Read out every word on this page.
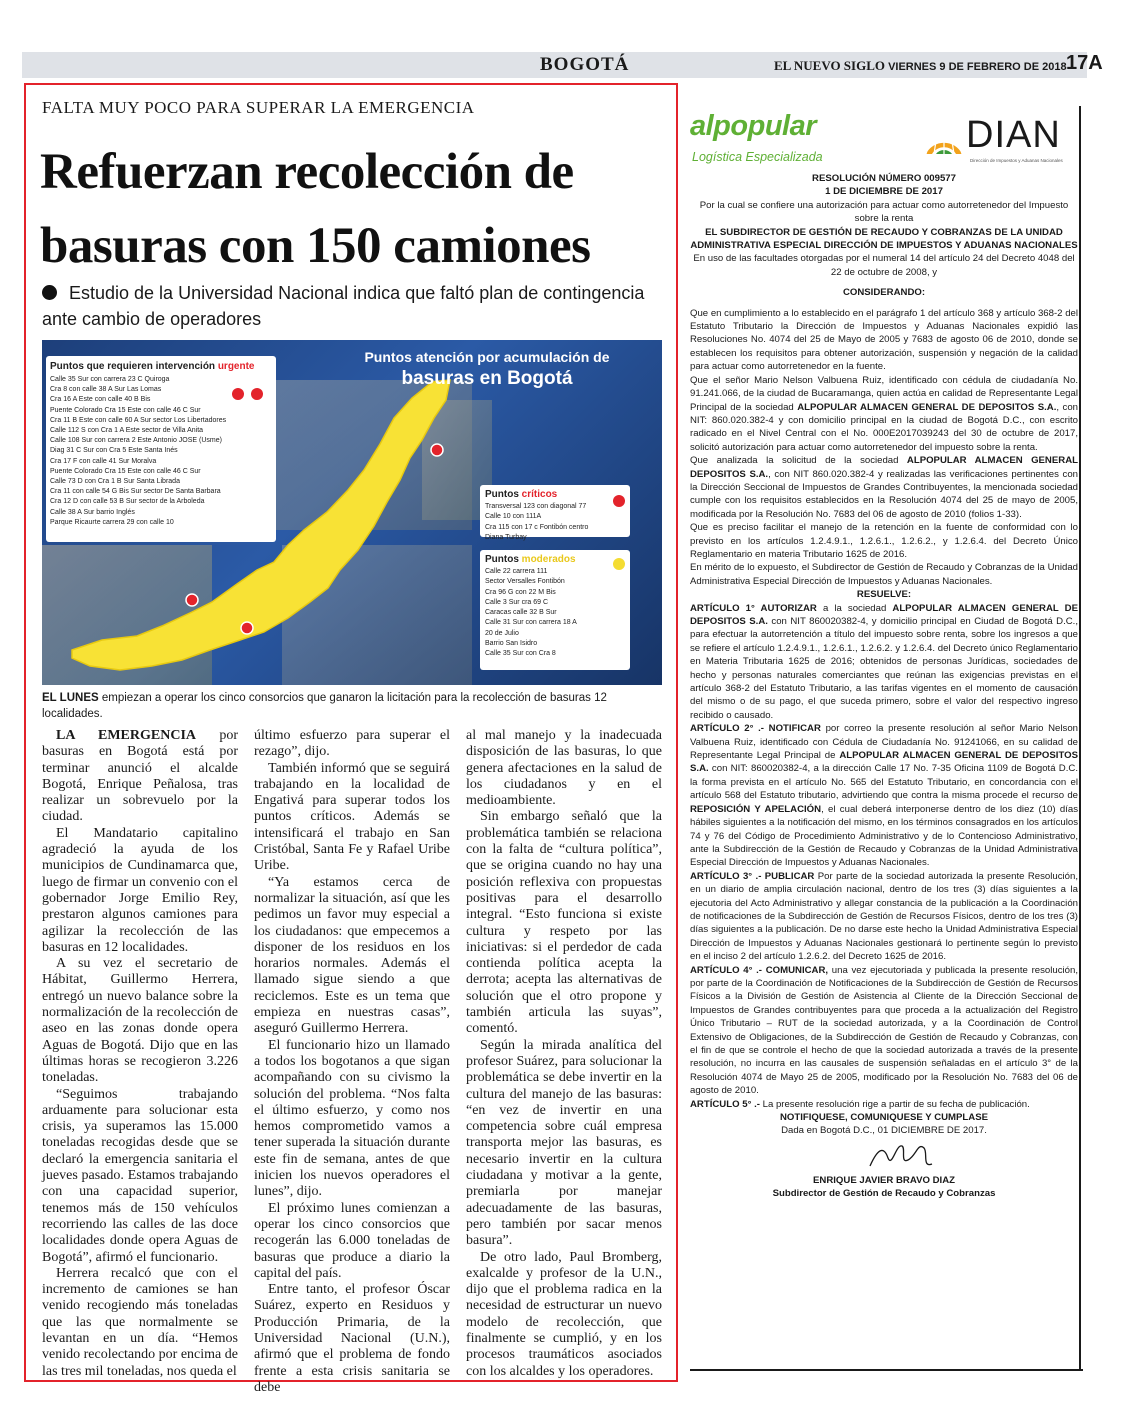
BOGOTÁ	EL NUEVO SIGLO VIERNES 9 DE FEBRERO DE 2018 17A
FALTA MUY POCO PARA SUPERAR LA EMERGENCIA
Refuerzan recolección de basuras con 150 camiones
Estudio de la Universidad Nacional indica que faltó plan de contingencia ante cambio de operadores
Puntos atención por acumulación de
basuras en Bogotá
Puntos que requieren intervención urgente
Calle 35 Sur con carrera 23 C Quiroga
Cra 8 con calle 38 A Sur Las Lomas
Cra 16 A Este con calle 40 B Bis
Puente Colorado Cra 15 Este con calle 46 C Sur
Cra 11 B Este con calle 60 A Sur sector Los Libertadores
Calle 112 S con Cra 1 A Este sector de Villa Anita
Calle 108 Sur con carrera 2 Este Antonio JOSE (Usme)
Diag 31 C Sur con Cra 5 Este Santa Inés
Cra 17 F con calle 41 Sur Moralva
Puente Colorado Cra 15 Este con calle 46 C Sur
Calle 73 D con Cra 1 B Sur Santa Librada
Cra 11 con calle 54 G Bis Sur sector De Santa Barbara
Cra 12 D con calle 53 B Sur sector de la Arboleda
Calle 38 A Sur barrio Inglés
Parque Ricaurte carrera 29 con calle 10
Puntos críticos
Transversal 123 con diagonal 77
Calle 10 con 111A
Cra 115 con 17 c Fontibón centro
Diana Turbay
Puntos moderados
Calle 22 carrera 111
Sector Versalles Fontibón
Cra 96 G con 22 M Bis
Calle 3 Sur cra 69 C
Caracas calle 32 B Sur
Calle 31 Sur con carrera 18 A
20 de Julio
Barrio San Isidro
Calle 35 Sur con Cra 8
EL LUNES empiezan a operar los cinco consorcios que ganaron la licitación para la recolección de basuras 12 localidades.

LA EMERGENCIA por basuras en Bogotá está por terminar anunció el alcalde Bogotá, Enrique Peñalosa, tras realizar un sobrevuelo por la ciudad.

El Mandatario capitalino agradeció la ayuda de los municipios de Cundinamarca que, luego de firmar un convenio con el gobernador Jorge Emilio Rey, prestaron algunos camiones para agilizar la recolección de las basuras en 12 localidades.

A su vez el secretario de Hábitat, Guillermo Herrera, entregó un nuevo balance sobre la normalización de la recolección de aseo en las zonas donde opera Aguas de Bogotá. Dijo que en las últimas horas se recogieron 3.226 toneladas.

“Seguimos trabajando arduamente para solucionar esta crisis, ya superamos las 15.000 toneladas recogidas desde que se declaró la emergencia sanitaria el jueves pasado. Estamos trabajando con una capacidad superior, tenemos más de 150 vehículos recorriendo las calles de las doce localidades donde opera Aguas de Bogotá”, afirmó el funcionario.

Herrera recalcó que con el incremento de camiones se han venido recogiendo más toneladas que las que normalmente se levantan en un día. “Hemos venido recolectando por encima de las tres mil toneladas, nos queda el

último esfuerzo para superar el rezago”, dijo.

También informó que se seguirá trabajando en la localidad de Engativá para superar todos los puntos críticos. Además se intensificará el trabajo en San Cristóbal, Santa Fe y Rafael Uribe Uribe.

“Ya estamos cerca de normalizar la situación, así que les pedimos un favor muy especial a los ciudadanos: que empecemos a disponer de los residuos en los horarios normales. Además el llamado sigue siendo a que reciclemos. Este es un tema que empieza en nuestras casas”, aseguró Guillermo Herrera.

El funcionario hizo un llamado a todos los bogotanos a que sigan acompañando con su civismo la solución del problema. “Nos falta el último esfuerzo, y como nos hemos comprometido vamos a tener superada la situación durante este fin de semana, antes de que inicien los nuevos operadores el lunes”, dijo.

El próximo lunes comienzan a operar los cinco consorcios que recogerán las 6.000 toneladas de basuras que produce a diario la capital del país.

Entre tanto, el profesor Óscar Suárez, experto en Residuos y Producción Primaria, de la Universidad Nacional (U.N.), afirmó que el problema de fondo frente a esta crisis sanitaria se debe

al mal manejo y la inadecuada disposición de las basuras, lo que genera afectaciones en la salud de los ciudadanos y en el medioambiente.

Sin embargo señaló que la problemática también se relaciona con la falta de “cultura política”, que se origina cuando no hay una posición reflexiva con propuestas positivas para el desarrollo integral. “Esto funciona si existe cultura y respeto por las iniciativas: si el perdedor de cada contienda política acepta la derrota; acepta las alternativas de solución que el otro propone y también articula las suyas”, comentó.

Según la mirada analítica del profesor Suárez, para solucionar la problemática se debe invertir en la cultura del manejo de las basuras: “en vez de invertir en una competencia sobre cuál empresa transporta mejor las basuras, es necesario invertir en la cultura ciudadana y motivar a la gente, premiarla por manejar adecuadamente de las basuras, pero también por sacar menos basura”.

De otro lado, Paul Bromberg, exalcalde y profesor de la U.N., dijo que el problema radica en la necesidad de estructurar un nuevo modelo de recolección, que finalmente se cumplió, y en los procesos traumáticos asociados con los alcaldes y los operadores.

alpopular
Logística Especializada
DIAN
Dirección de Impuestos y Aduanas Nacionales
RESOLUCIÓN NÚMERO 009577
1 DE DICIEMBRE DE 2017
Por la cual se confiere una autorización para actuar como autorretenedor del Impuesto sobre la renta
EL SUBDIRECTOR DE GESTIÓN DE RECAUDO Y COBRANZAS DE LA UNIDAD ADMINISTRATIVA ESPECIAL DIRECCIÓN DE IMPUESTOS Y ADUANAS NACIONALES
En uso de las facultades otorgadas por el numeral 14 del artículo 24 del Decreto 4048 del 22 de octubre de 2008, y
CONSIDERANDO:
Que en cumplimiento a lo establecido en el parágrafo 1 del artículo 368 y artículo 368-2 del Estatuto Tributario la Dirección de Impuestos y Aduanas Nacionales expidió las Resoluciones No. 4074 del 25 de Mayo de 2005 y 7683 de agosto 06 de 2010, donde se establecen los requisitos para obtener autorización, suspensión y negación de la calidad para actuar como autorretenedor en la fuente.
Que el señor Mario Nelson Valbuena Ruiz, identificado con cédula de ciudadanía No. 91.241.066, de la ciudad de Bucaramanga, quien actúa en calidad de Representante Legal Principal de la sociedad ALPOPULAR ALMACEN GENERAL DE DEPOSITOS S.A., con NIT: 860.020.382-4 y con domicilio principal en la ciudad de Bogotá D.C., con escrito radicado en el Nivel Central con el No. 000E2017039243 del 30 de octubre de 2017, solicitó autorización para actuar como autorretenedor del impuesto sobre la renta.
Que analizada la solicitud de la sociedad ALPOPULAR ALMACEN GENERAL DEPOSITOS S.A., con NIT 860.020.382-4 y realizadas las verificaciones pertinentes con la Dirección Seccional de Impuestos de Grandes Contribuyentes, la mencionada sociedad cumple con los requisitos establecidos en la Resolución 4074 del 25 de mayo de 2005, modificada por la Resolución No. 7683 del 06 de agosto de 2010 (folios 1-33).
Que es preciso facilitar el manejo de la retención en la fuente de conformidad con lo previsto en los artículos 1.2.4.9.1., 1.2.6.1., 1.2.6.2., y 1.2.6.4. del Decreto Único Reglamentario en materia Tributario 1625 de 2016.
En mérito de lo expuesto, el Subdirector de Gestión de Recaudo y Cobranzas de la Unidad Administrativa Especial Dirección de Impuestos y Aduanas Nacionales.
RESUELVE:
ARTÍCULO 1° AUTORIZAR a la sociedad ALPOPULAR ALMACEN GENERAL DE DEPOSITOS S.A. con NIT 860020382-4, y domicilio principal en Ciudad de Bogotá D.C., para efectuar la autorretención a título del impuesto sobre renta, sobre los ingresos a que se refiere el artículo 1.2.4.9.1., 1.2.6.1., 1.2.6.2. y 1.2.6.4. del Decreto único Reglamentario en Materia Tributaria 1625 de 2016; obtenidos de personas Jurídicas, sociedades de hecho y personas naturales comerciantes que reúnan las exigencias previstas en el artículo 368-2 del Estatuto Tributario, a las tarifas vigentes en el momento de causación del mismo o de su pago, el que suceda primero, sobre el valor del respectivo ingreso recibido o causado.
ARTÍCULO 2° .- NOTIFICAR por correo la presente resolución al señor Mario Nelson Valbuena Ruiz, identificado con Cédula de Ciudadanía No. 91241066, en su calidad de Representante Legal Principal de ALPOPULAR ALMACEN GENERAL DE DEPOSITOS S.A. con NIT: 860020382-4, a la dirección Calle 17 No. 7-35 Oficina 1109 de Bogotá D.C. la forma prevista en el artículo No. 565 del Estatuto Tributario, en concordancia con el artículo 568 del Estatuto tributario, advirtiendo que contra la misma procede el recurso de REPOSICIÓN Y APELACIÓN, el cual deberá interponerse dentro de los diez (10) días hábiles siguientes a la notificación del mismo, en los términos consagrados en los artículos 74 y 76 del Código de Procedimiento Administrativo y de lo Contencioso Administrativo, ante la Subdirección de la Gestión de Recaudo y Cobranzas de la Unidad Administrativa Especial Dirección de Impuestos y Aduanas Nacionales.
ARTÍCULO 3° .- PUBLICAR Por parte de la sociedad autorizada la presente Resolución, en un diario de amplia circulación nacional, dentro de los tres (3) días siguientes a la ejecutoria del Acto Administrativo y allegar constancia de la publicación a la Coordinación de notificaciones de la Subdirección de Gestión de Recursos Físicos, dentro de los tres (3) días siguientes a la publicación. De no darse este hecho la Unidad Administrativa Especial Dirección de Impuestos y Aduanas Nacionales gestionará lo pertinente según lo previsto en el inciso 2 del artículo 1.2.6.2. del Decreto 1625 de 2016.
ARTÍCULO 4° .- COMUNICAR, una vez ejecutoriada y publicada la presente resolución, por parte de la Coordinación de Notificaciones de la Subdirección de Gestión de Recursos Físicos a la División de Gestión de Asistencia al Cliente de la Dirección Seccional de Impuestos de Grandes contribuyentes para que proceda a la actualización del Registro Único Tributario – RUT de la sociedad autorizada, y a la Coordinación de Control Extensivo de Obligaciones, de la Subdirección de Gestión de Recaudo y Cobranzas, con el fin de que se controle el hecho de que la sociedad autorizada a través de la presente resolución, no incurra en las causales de suspensión señaladas en el artículo 3° de la Resolución 4074 de Mayo 25 de 2005, modificado por la Resolución No. 7683 del 06 de agosto de 2010.
ARTÍCULO 5° .- La presente resolución rige a partir de su fecha de publicación.
NOTIFIQUESE, COMUNIQUESE Y CUMPLASE
Dada en Bogotá D.C., 01 DICIEMBRE DE 2017.
ENRIQUE JAVIER BRAVO DIAZ
Subdirector de Gestión de Recaudo y Cobranzas
